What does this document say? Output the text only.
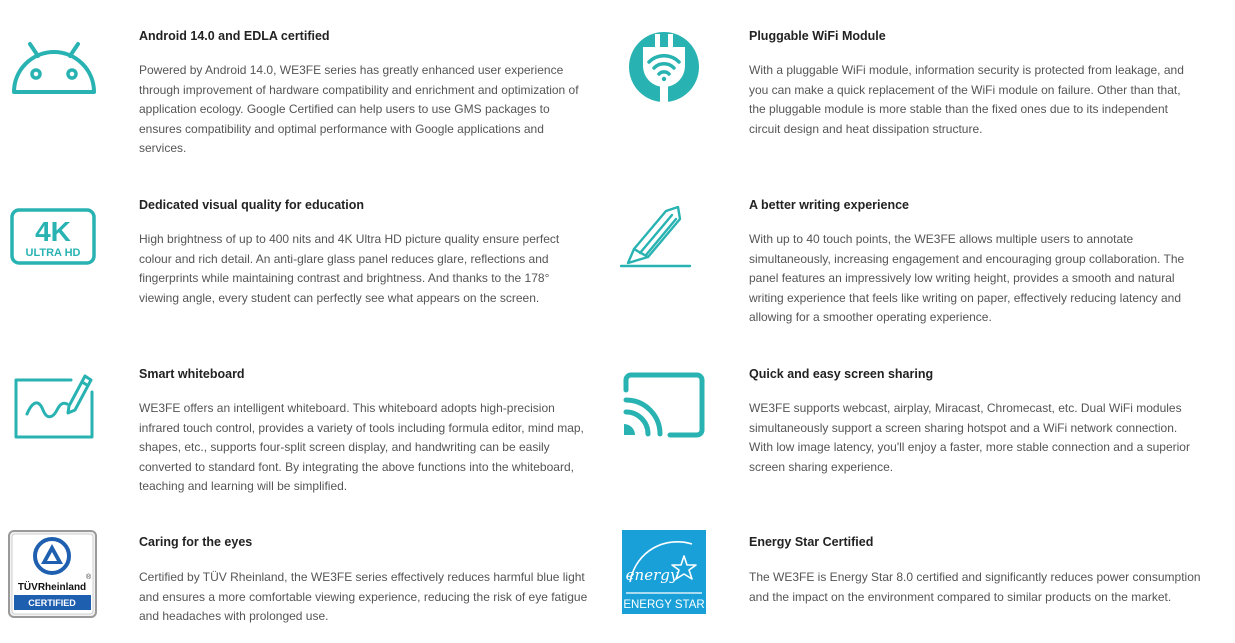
Android 14.0 and EDLA certified
Powered by Android 14.0, WE3FE series has greatly enhanced user experience through improvement of hardware compatibility and enrichment and optimization of application ecology. Google Certified can help users to use GMS packages to ensures compatibility and optimal performance with Google applications and services.
Pluggable WiFi Module
With a pluggable WiFi module, information security is protected from leakage, and you can make a quick replacement of the WiFi module on failure. Other than that, the pluggable module is more stable than the fixed ones due to its independent circuit design and heat dissipation structure.
4K
ULTRA HD
Dedicated visual quality for education
High brightness of up to 400 nits and 4K Ultra HD picture quality ensure perfect colour and rich detail. An anti-glare glass panel reduces glare, reflections and fingerprints while maintaining contrast and brightness. And thanks to the 178° viewing angle, every student can perfectly see what appears on the screen.
A better writing experience
With up to 40 touch points, the WE3FE allows multiple users to annotate simultaneously, increasing engagement and encouraging group collaboration. The panel features an impressively low writing height, provides a smooth and natural writing experience that feels like writing on paper, effectively reducing latency and allowing for a smoother operating experience.
Smart whiteboard
WE3FE offers an intelligent whiteboard. This whiteboard adopts high-precision infrared touch control, provides a variety of tools including formula editor, mind map, shapes, etc., supports four-split screen display, and handwriting can be easily converted to standard font. By integrating the above functions into the whiteboard, teaching and learning will be simplified.
Quick and easy screen sharing
WE3FE supports webcast, airplay, Miracast, Chromecast, etc. Dual WiFi modules simultaneously support a screen sharing hotspot and a WiFi network connection. With low image latency, you'll enjoy a faster, more stable connection and a superior screen sharing experience.
®
TÜVRheinland
CERTIFIED
Caring for the eyes
Certified by TÜV Rheinland, the WE3FE series effectively reduces harmful blue light and ensures a more comfortable viewing experience, reducing the risk of eye fatigue and headaches with prolonged use.
energy
ENERGY STAR
Energy Star Certified
The WE3FE is Energy Star 8.0 certified and significantly reduces power consumption and the impact on the environment compared to similar products on the market.
